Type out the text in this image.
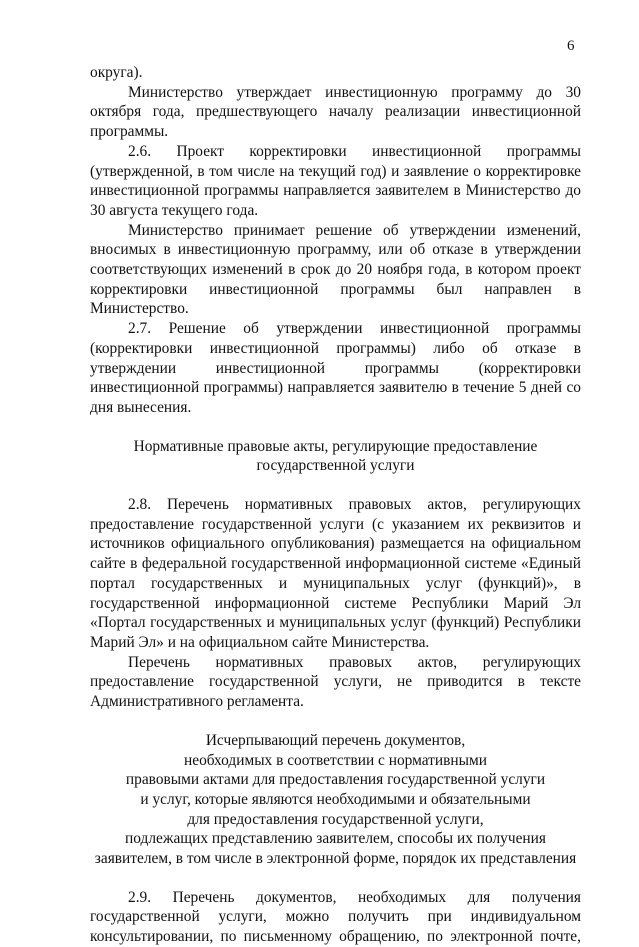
6

округа).

Министерство утверждает инвестиционную программу до 30 октября года, предшествующего началу реализации инвестиционной программы.

2.6. Проект корректировки инвестиционной программы (утвержденной, в том числе на текущий год) и заявление о корректировке инвестиционной программы направляется заявителем в Министерство до 30 августа текущего года.

Министерство принимает решение об утверждении изменений, вносимых в инвестиционную программу, или об отказе в утверждении соответствующих изменений в срок до 20 ноября года, в котором проект корректировки инвестиционной программы был направлен в Министерство.

2.7. Решение об утверждении инвестиционной программы (корректировки инвестиционной программы) либо об отказе в утверждении инвестиционной программы (корректировки инвестиционной программы) направляется заявителю в течение 5 дней со дня вынесения.

Нормативные правовые акты, регулирующие предоставление
государственной услуги

2.8. Перечень нормативных правовых актов, регулирующих предоставление государственной услуги (с указанием их реквизитов и источников официального опубликования) размещается на официальном сайте в федеральной государственной информационной системе «Единый портал государственных и муниципальных услуг (функций)», в государственной информационной системе Республики Марий Эл «Портал государственных и муниципальных услуг (функций) Республики Марий Эл» и на официальном сайте Министерства.

Перечень нормативных правовых актов, регулирующих предоставление государственной услуги, не приводится в тексте Административного регламента.

Исчерпывающий перечень документов,
необходимых в соответствии с нормативными
правовыми актами для предоставления государственной услуги
и услуг, которые являются необходимыми и обязательными
для предоставления государственной услуги,
подлежащих представлению заявителем, способы их получения
заявителем, в том числе в электронной форме, порядок их представления

2.9. Перечень документов, необходимых для получения государственной услуги, можно получить при индивидуальном консультировании, по письменному обращению, по электронной почте,
